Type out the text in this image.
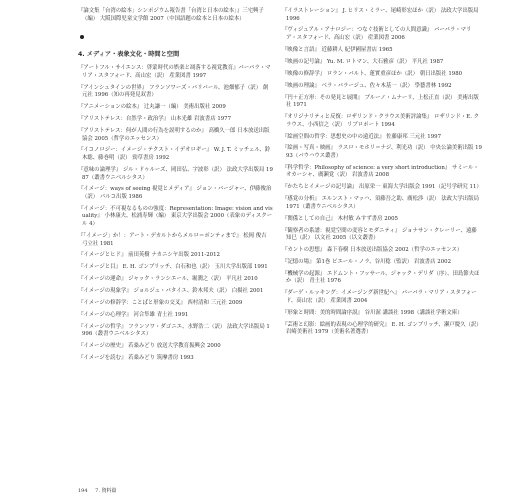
『論文集「台湾の絵本」シンポジウム報告書「台湾と日本の絵本」』三宅興子（編） 大阪国際児童文学館 2007（中国語題の絵本と日本の絵本）
4. メディア・表象文化・時間と空間
『アートフル・サイエンス：啓蒙時代の娯楽と凋落する視覚教育』バーバラ・マリア・スタフォード、高山宏（訳） 産業図書 1997
『アインシュタインの世界』 フランソワーズ・バリバール、池畑郁子（訳） 創元社 1996（知の再発見双書）
『アニメーションの絵本』 辻丸謙一（編） 美術出版社 2009
『アリストテレス：自然学・政治学』 山本光雄 岩波書店 1977
『アリストテレス：何が人間の行為を説明するのか』 高橋久一郎 日本放送出版協会 2005（哲学のエッセンス）
『イコノロジー：イメージ・テクスト・イデオロギー』 W. J. T. ミッチェル、鈴木聡、藤巻明（訳） 勁草書房 1992
『意味の論理学』 ジル・ドゥルーズ、岡田弘、宇波彰（訳） 法政大学出版局 1987（叢書ウニベルシタス）
『イメージ：ways of seeing 視覚とメディア』 ジョン・バージャー、伊藤俊治（訳） パルコ出版 1986
『イメージ：不可視なるものの強度：Representation: Image: vision and visuality』 小林康夫、松浦寿輝（編） 東京大学出版会 2000（表象のディスクール 4）
『「イメージ」か！：アート・デカルトからメルロ＝ポンティまで』 松岡 俊吉 弓立社 1981
『イメージとヒド』 前田英樹 ナカニシヤ出版 2011-2012
『イメージと目』 E. H. ゴンブリッチ、白石和也（訳） 玉川大学出版部 1991
『イメージの運命』 ジャック・ランシエール、堀潤之（訳） 平凡社 2010
『イメージの現象学』 ジョルジュ・バタイユ、鈴木邦夫（訳） 白揚社 2001
『イメージの修辞学：ことばと形象の交叉』 西村清和 三元社 2009
『イメージの心理学』 河合隼雄 青土社 1991
『イメージの哲学』 フランソワ・ダゴニエ、水野浩二（訳） 法政大学出版局 1996（叢書ウニベルシタス）
『イメージの歴史』 若桑みどり 放送大学教育振興会 2000
『イメージを読む』 若桑みどり 筑摩書房 1993
『イラストレーション』 J. ヒリス・ミラー、尾崎彰宏ほか（訳） 法政大学出版局 1996
『ヴィジュアル・アナロジー：つなぐ技術としての人間意識』 バーバラ・マリア・スタフォード、高山宏（訳） 産業図書 2006
『映像と言語』 近藤耕人 紀伊國屋書店 1965
『映画の記号論』 Yu. M. ロトマン、大石雅彦（訳） 平凡社 1987
『映像の修辞学』 ロラン・バルト、蓮實重彦ほか（訳） 朝日出版社 1980
『映画の理論』 ベラ・バラージュ、佐々木基一（訳） 學藝書林 1992
『円＋正方形：その発見と展開』 ブルーノ・ムナーリ、上松正直（訳） 美術出版社 1971
『オリジナリティと反復：ロザリンド・クラウス美術評論集』 ロザリンド・E. クラウス、小西信之（訳） リブロポート 1994
『絵画空間の哲学：思想史の中の遠近法』 佐藤康邦 三元社 1997
『絵画・写真・映画』 ラスロ・モホリ＝ナジ、利光功（訳） 中央公論美術出版 1993（バウハウス叢書）
『科学哲学：Philosophy of science: a very short introduction』 サミール・オカーシャ、廣瀬覚（訳） 岩波書店 2008
『かたちとイメージの記号論』 出原栄一 東海大学出版会 1991（記号学研究 11）
『感覚の分析』 エルンスト・マッハ、須藤吾之助、廣松渉（訳） 法政大学出版局 1971（叢書ウニベルシタス）
『関係としての自己』 木村敏 みすず書房 2005
『観察者の系譜：視覚空間の変容とモダニティ』 ジョナサン・クレーリー、遠藤知巳（訳） 以文社 2005（以文叢書）
『カントの思想』 森下春樹 日本放送出版協会 2002（哲学のエッセンス）
『記憶の場』 第1巻 ピエール・ノラ、谷川稔（監訳） 岩波書店 2002
『機械学の起源』 エドムント・フッサール、ジャック・デリダ（序）、田島節夫ほか（訳） 青土社 1976
『ダーゲ・ルッキング：イメージング新世紀へ』 バーバラ・マリア・スタフォード、高山宏（訳） 産業図書 2004
『形象と時間：美的時間論序説』 谷川渥 講談社 1998（講談社学術文庫）
『芸術と幻影：絵画的表現の心理学的研究』 E. H. ゴンブリッチ、瀬戸慶久（訳） 岩崎美術社 1979（美術名著選書）
194 7. 資料篇
